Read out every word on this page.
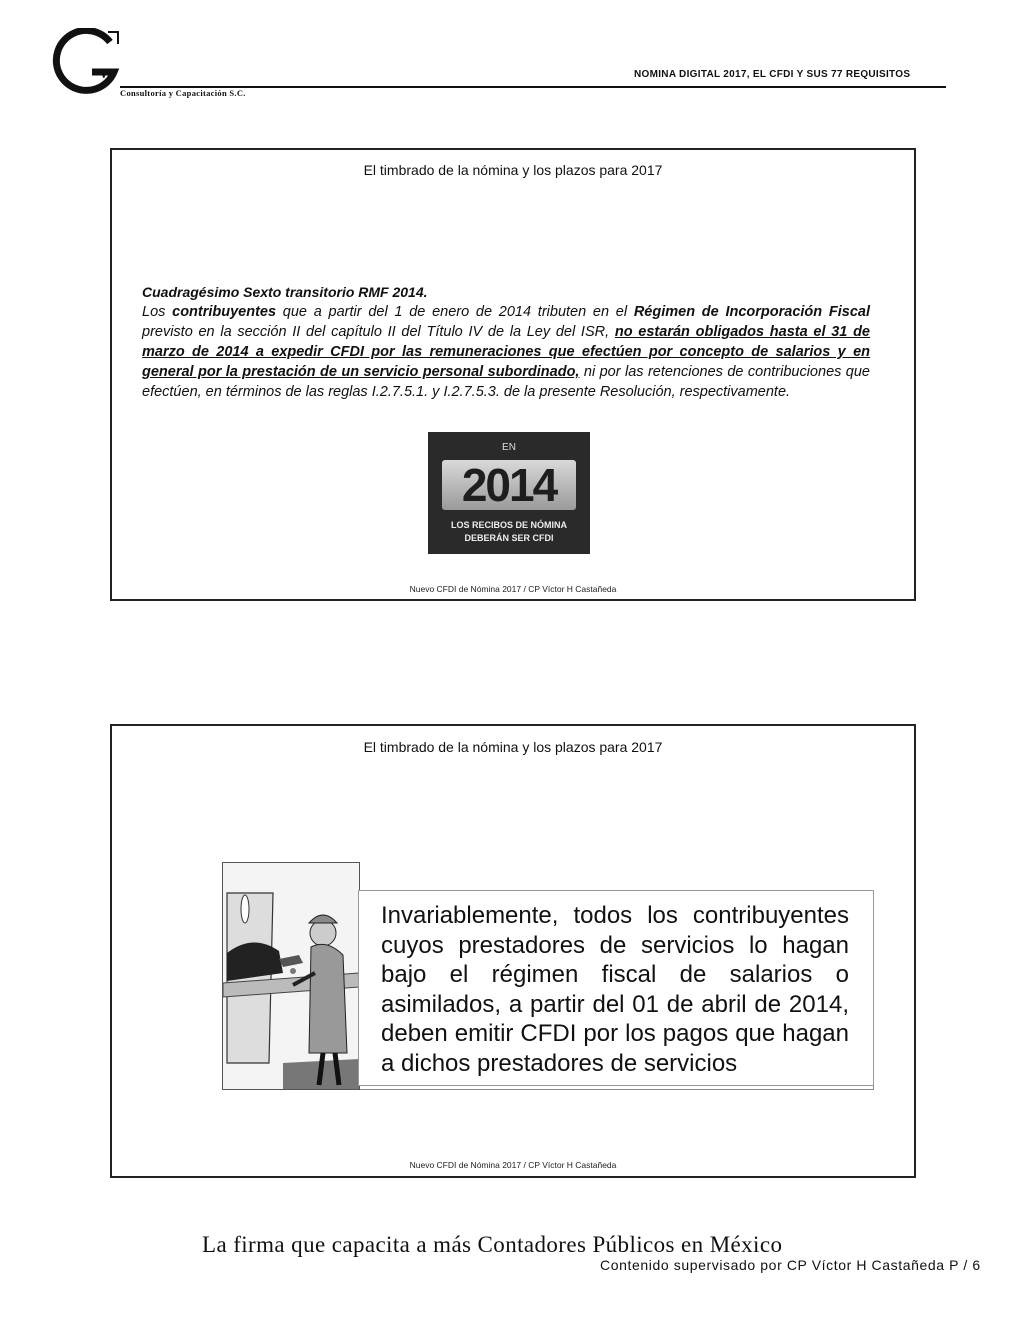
va
Consultoría y Capacitación S.C.
NOMINA DIGITAL 2017, EL CFDI Y SUS 77 REQUISITOS
El timbrado de la nómina y los plazos para 2017
Cuadragésimo Sexto transitorio RMF 2014.
Los contribuyentes que a partir del 1 de enero de 2014 tributen en el Régimen de Incorporación Fiscal previsto en la sección II del capítulo II del Título IV de la Ley del ISR, no estarán obligados hasta el 31 de marzo de 2014 a expedir CFDI por las remuneraciones que efectúen por concepto de salarios y en general por la prestación de un servicio personal subordinado, ni por las retenciones de contribuciones que efectúen, en términos de las reglas I.2.7.5.1. y I.2.7.5.3. de la presente Resolución, respectivamente.
EN
2014
LOS RECIBOS DE NÓMINA
DEBERÁN SER CFDI
Nuevo CFDI de Nómina 2017 / CP Víctor H Castañeda
El timbrado de la nómina y los plazos para 2017
Invariablemente, todos los contribuyentes cuyos prestadores de servicios lo hagan bajo el régimen fiscal de salarios o asimilados, a partir del 01 de abril de 2014, deben emitir CFDI por los pagos que hagan a dichos prestadores de servicios
Nuevo CFDI de Nómina 2017 / CP Víctor H Castañeda
La firma que capacita a más Contadores Públicos en México
Contenido supervisado por CP Víctor H Castañeda P / 6
